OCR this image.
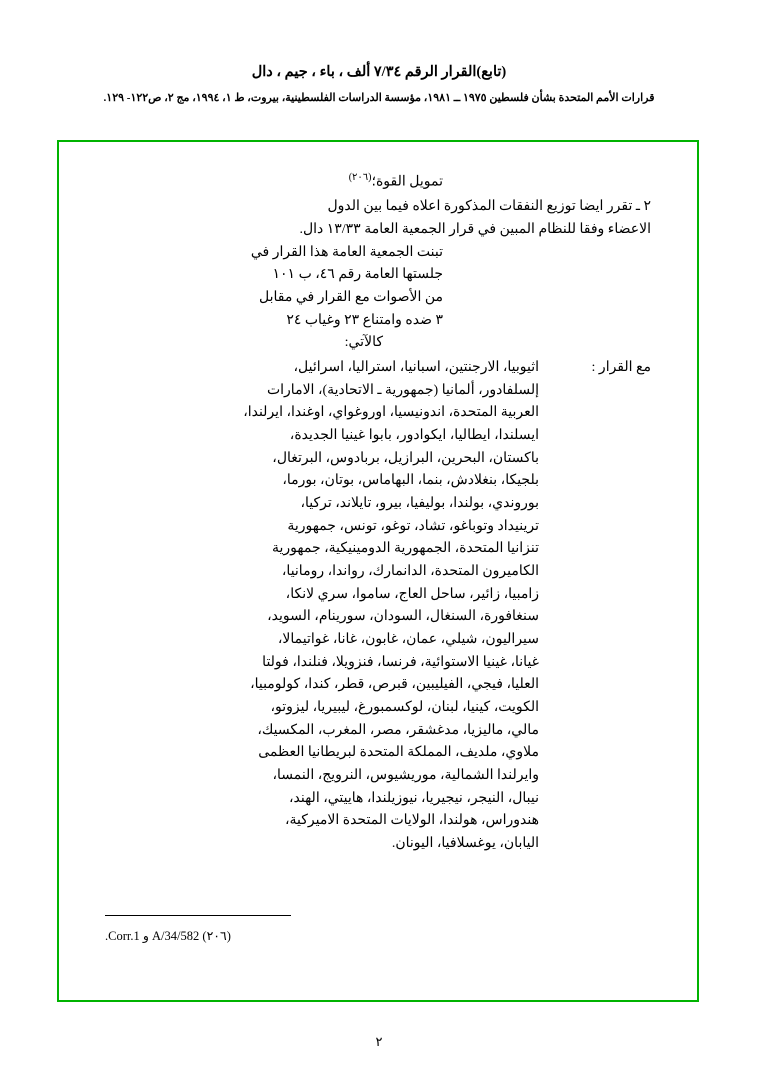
(تابع)القرار الرقم ٧/٣٤ ألف ، باء ، جيم ، دال
قرارات الأمم المتحدة بشأن فلسطين ١٩٧٥ ــ ١٩٨١، مؤسسة الدراسات الفلسطينية، بيروت، ط ١، ١٩٩٤، مج ٢، ص١٢٢- ١٢٩.

تمويل القوة؛$^{(٢٠٦)}$

٢ ـ تقرر ايضا توزيع النفقات المذكورة اعلاه فيما بين الدول
الاعضاء وفقا للنظام المبين في قرار الجمعية العامة ١٣/٣٣ دال.

تبنت الجمعية العامة هذا القرار في
جلستها العامة رقم ٤٦، ب ١٠١
من الأصوات مع القرار في مقابل
٣ ضده وامتناع ٢٣ وغياب ٢٤

كالآتي:

مع القرار :
اثيوبيا، الارجنتين، اسبانيا، استراليا، اسرائيل،
إلسلفادور، ألمانيا (جمهورية ـ الاتحادية)، الامارات
العربية المتحدة، اندونيسيا، اوروغواي، اوغندا، ايرلندا،
ايسلندا، ايطاليا، ايكوادور، بابوا غينيا الجديدة،
باكستان، البحرين، البرازيل، بربادوس، البرتغال،
بلجيكا، بنغلادش، بنما، البهاماس، بوتان، بورما،
بوروندي، بولندا، بوليفيا، بيرو، تايلاند، تركيا،
ترينيداد وتوباغو، تشاد، توغو، تونس، جمهورية
تنزانيا المتحدة، الجمهورية الدومينيكية، جمهورية
الكاميرون المتحدة، الدانمارك، رواندا، رومانيا،
زامبيا، زائير، ساحل العاج، ساموا، سري لانكا،
سنغافورة، السنغال، السودان، سورينام، السويد،
سيراليون، شيلي، عمان، غابون، غانا، غواتيمالا،
غيانا، غينيا الاستوائية، فرنسا، فنزويلا، فنلندا، فولتا
العليا، فيجي، الفيليبين، قبرص، قطر، كندا، كولومبيا،
الكويت، كينيا، لبنان، لوكسمبورغ، ليبيريا، ليزوتو،
مالي، ماليزيا، مدغشقر، مصر، المغرب، المكسيك،
ملاوي، ملديف، المملكة المتحدة لبريطانيا العظمى
وايرلندا الشمالية، موريشيوس، النرويج، النمسا،
نيبال، النيجر، نيجيريا، نيوزيلندا، هاييتي، الهند،
هندوراس، هولندا، الولايات المتحدة الاميركية،
اليابان، يوغسلافيا، اليونان.
(٢٠٦) A/34/582 و Corr.1.
٢
